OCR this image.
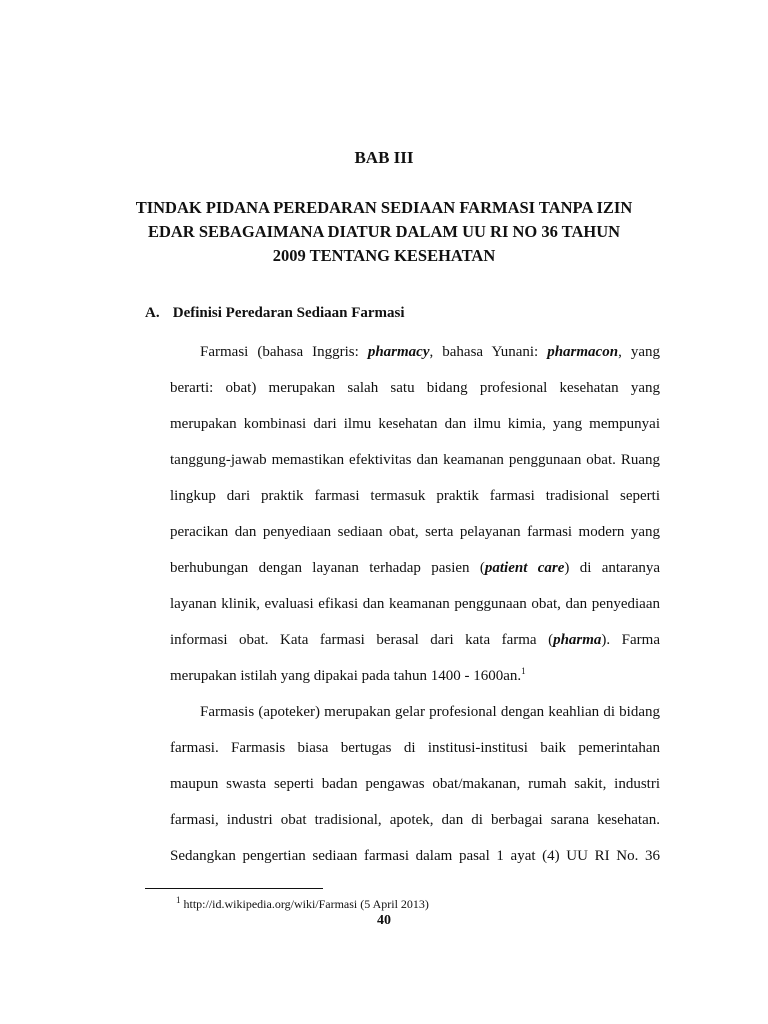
BAB III
TINDAK PIDANA PEREDARAN SEDIAAN FARMASI TANPA IZIN
EDAR SEBAGAIMANA DIATUR DALAM UU RI NO 36 TAHUN
2009 TENTANG KESEHATAN
A. Definisi Peredaran Sediaan Farmasi
Farmasi (bahasa Inggris: pharmacy, bahasa Yunani: pharmacon, yang
berarti: obat) merupakan salah satu bidang profesional kesehatan yang
merupakan kombinasi dari ilmu kesehatan dan ilmu kimia, yang mempunyai
tanggung-jawab memastikan efektivitas dan keamanan penggunaan obat. Ruang
lingkup dari praktik farmasi termasuk praktik farmasi tradisional seperti
peracikan dan penyediaan sediaan obat, serta pelayanan farmasi modern yang
berhubungan dengan layanan terhadap pasien (patient care) di antaranya
layanan klinik, evaluasi efikasi dan keamanan penggunaan obat, dan penyediaan
informasi obat. Kata farmasi berasal dari kata farma (pharma). Farma
merupakan istilah yang dipakai pada tahun 1400 - 1600an.$^1$
Farmasis (apoteker) merupakan gelar profesional dengan keahlian di bidang
farmasi. Farmasis biasa bertugas di institusi-institusi baik pemerintahan
maupun swasta seperti badan pengawas obat/makanan, rumah sakit, industri
farmasi, industri obat tradisional, apotek, dan di berbagai sarana kesehatan.
Sedangkan pengertian sediaan farmasi dalam pasal 1 ayat (4) UU RI No. 36
$^1$ http://id.wikipedia.org/wiki/Farmasi (5 April 2013)
40
